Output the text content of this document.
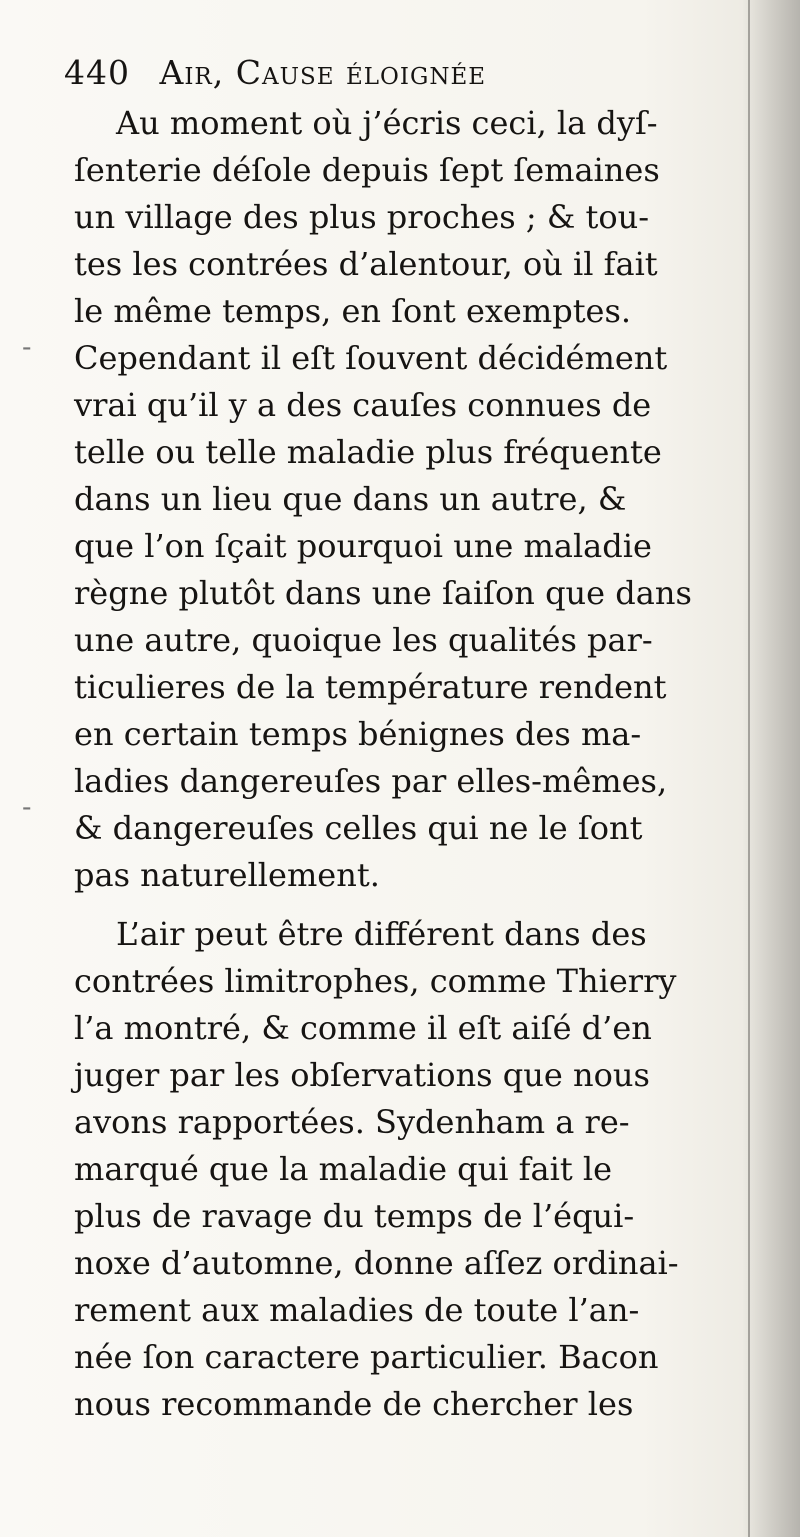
440 Air, Cause éloignée
Au moment où j’écris ceci, la dyſ-
ſenterie déſole depuis ſept ſemaines
un village des plus proches ; & tou-
tes les contrées d’alentour, où il fait
le même temps, en ſont exemptes.
Cependant il eſt ſouvent décidément
vrai qu’il y a des cauſes connues de
telle ou telle maladie plus fréquente
dans un lieu que dans un autre, &
que l’on ſçait pourquoi une maladie
règne plutôt dans une ſaiſon que dans
une autre, quoique les qualités par-
ticulieres de la température rendent
en certain temps bénignes des ma-
ladies dangereuſes par elles-mêmes,
& dangereuſes celles qui ne le ſont
pas naturellement.
L’air peut être différent dans des
contrées limitrophes, comme Thierry
l’a montré, & comme il eſt aiſé d’en
juger par les obſervations que nous
avons rapportées. Sydenham a re-
marqué que la maladie qui fait le
plus de ravage du temps de l’équi-
noxe d’automne, donne aſſez ordinai-
rement aux maladies de toute l’an-
née ſon caractere particulier. Bacon
nous recommande de chercher les
-
-
